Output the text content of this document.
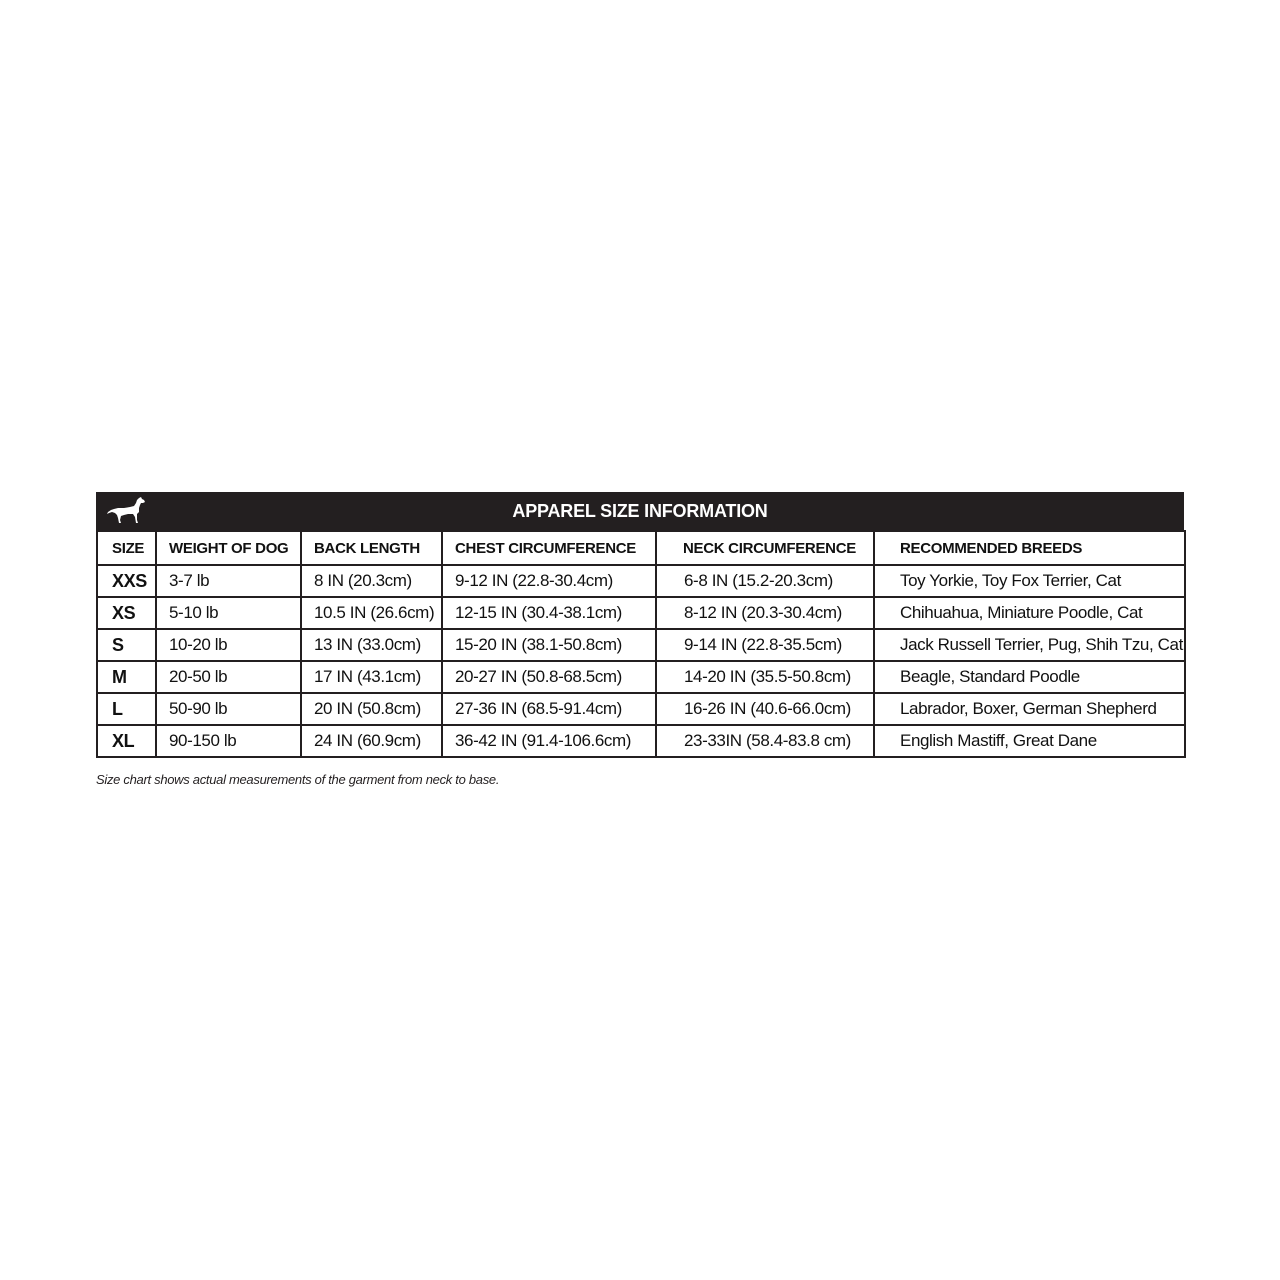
APPAREL SIZE INFORMATION
SIZE	WEIGHT OF DOG	BACK LENGTH	CHEST CIRCUMFERENCE	NECK CIRCUMFERENCE	RECOMMENDED BREEDS
XXS	3-7 lb	8 IN (20.3cm)	9-12 IN (22.8-30.4cm)	6-8 IN (15.2-20.3cm)	Toy Yorkie, Toy Fox Terrier, Cat
XS	5-10 lb	10.5 IN (26.6cm)	12-15 IN (30.4-38.1cm)	8-12 IN (20.3-30.4cm)	Chihuahua, Miniature Poodle, Cat
S	10-20 lb	13 IN (33.0cm)	15-20 IN (38.1-50.8cm)	9-14 IN (22.8-35.5cm)	Jack Russell Terrier, Pug, Shih Tzu, Cat
M	20-50 lb	17 IN (43.1cm)	20-27 IN (50.8-68.5cm)	14-20 IN (35.5-50.8cm)	Beagle, Standard Poodle
L	50-90 lb	20 IN (50.8cm)	27-36 IN (68.5-91.4cm)	16-26 IN (40.6-66.0cm)	Labrador, Boxer, German Shepherd
XL	90-150 lb	24 IN (60.9cm)	36-42 IN (91.4-106.6cm)	23-33IN (58.4-83.8 cm)	English Mastiff, Great Dane
Size chart shows actual measurements of the garment from neck to base.
